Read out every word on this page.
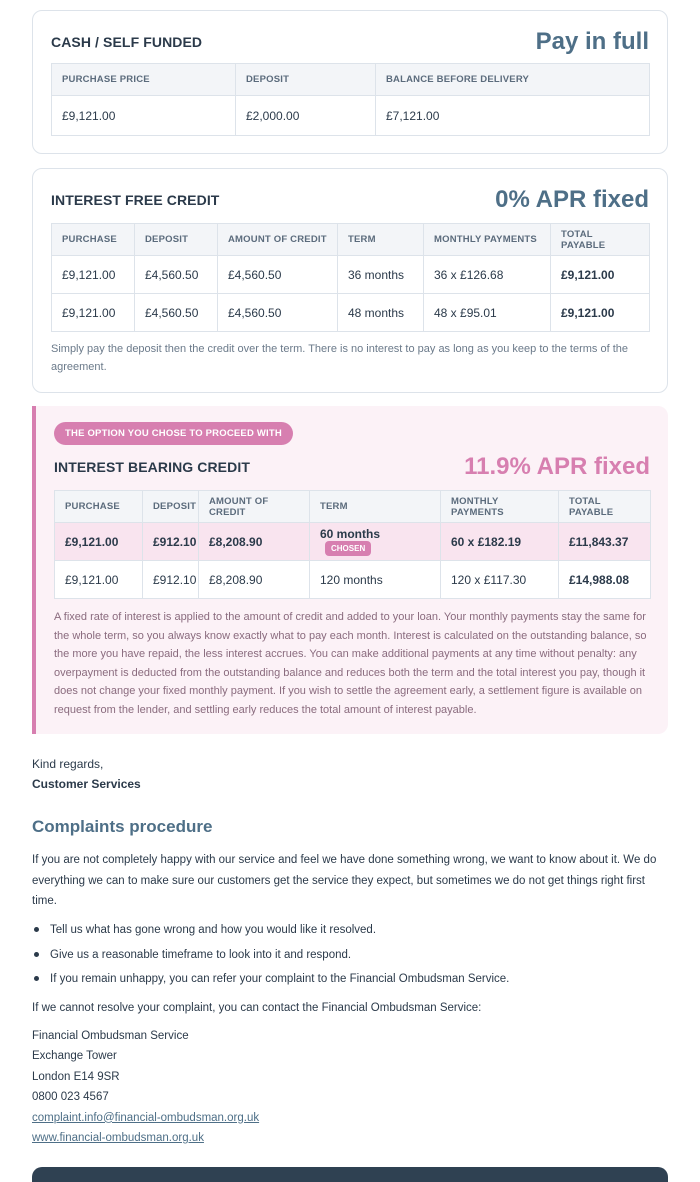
CASH / SELF FUNDED	Pay in full
PURCHASE PRICE	DEPOSIT	BALANCE BEFORE DELIVERY
£9,121.00	£2,000.00	£7,121.00
INTEREST FREE CREDIT	0% APR fixed
PURCHASE	DEPOSIT	AMOUNT OF CREDIT	TERM	MONTHLY PAYMENTS	TOTAL PAYABLE
£9,121.00	£4,560.50	£4,560.50	36 months	36 x £126.68	£9,121.00
£9,121.00	£4,560.50	£4,560.50	48 months	48 x £95.01	£9,121.00
Simply pay the deposit then the credit over the term. There is no interest to pay as long as you keep to the terms of the agreement.
THE OPTION YOU CHOSE TO PROCEED WITH
INTEREST BEARING CREDIT	11.9% APR fixed
PURCHASE	DEPOSIT	AMOUNT OF CREDIT	TERM	MONTHLY PAYMENTS	TOTAL PAYABLE
£9,121.00	£912.10	£8,208.90	60 monthsCHOSEN	60 x £182.19	£11,843.37
£9,121.00	£912.10	£8,208.90	120 months	120 x £117.30	£14,988.08
A fixed rate of interest is applied to the amount of credit and added to your loan. Your monthly payments stay the same for the whole term, so you always know exactly what to pay each month. Interest is calculated on the outstanding balance, so the more you have repaid, the less interest accrues. You can make additional payments at any time without penalty: any overpayment is deducted from the outstanding balance and reduces both the term and the total interest you pay, though it does not change your fixed monthly payment. If you wish to settle the agreement early, a settlement figure is available on request from the lender, and settling early reduces the total amount of interest payable.
Kind regards,
Customer Services
Complaints procedure
If you are not completely happy with our service and feel we have done something wrong, we want to know about it. We do everything we can to make sure our customers get the service they expect, but sometimes we do not get things right first time.
Tell us what has gone wrong and how you would like it resolved.
Give us a reasonable timeframe to look into it and respond.
If you remain unhappy, you can refer your complaint to the Financial Ombudsman Service.
If we cannot resolve your complaint, you can contact the Financial Ombudsman Service:
Financial Ombudsman Service
Exchange Tower
London E14 9SR
0800 023 4567
complaint.info@financial-ombudsman.org.uk
www.financial-ombudsman.org.uk
